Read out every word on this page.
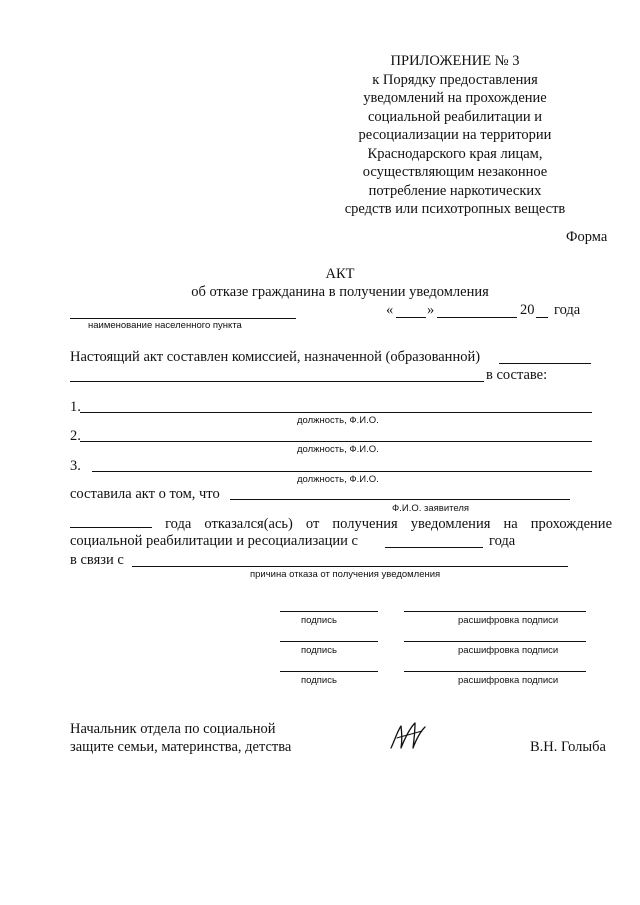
ПРИЛОЖЕНИЕ № 3
к Порядку предоставления
уведомлений на прохождение
социальной реабилитации и
ресоциализации на территории
Краснодарского края лицам,
осуществляющим незаконное
потребление наркотических
средств или психотропных веществ
Форма
АКТ
об отказе гражданина в получении уведомления
наименование населенного пункта
« »	20 года
Настоящий акт составлен комиссией, назначенной (образованной)
в составе:
1.
должность, Ф.И.О.
2.
должность, Ф.И.О.
3.
должность, Ф.И.О.
составила акт о том, что
Ф.И.О. заявителя
года отказался(ась) от получения уведомления на прохождение
социальной реабилитации и ресоциализации с	года
в связи с
причина отказа от получения уведомления
подпись	расшифровка подписи
подпись	расшифровка подписи
подпись	расшифровка подписи
Начальник отдела по социальной
защите семьи, материнства, детства	В.Н. Голыба
